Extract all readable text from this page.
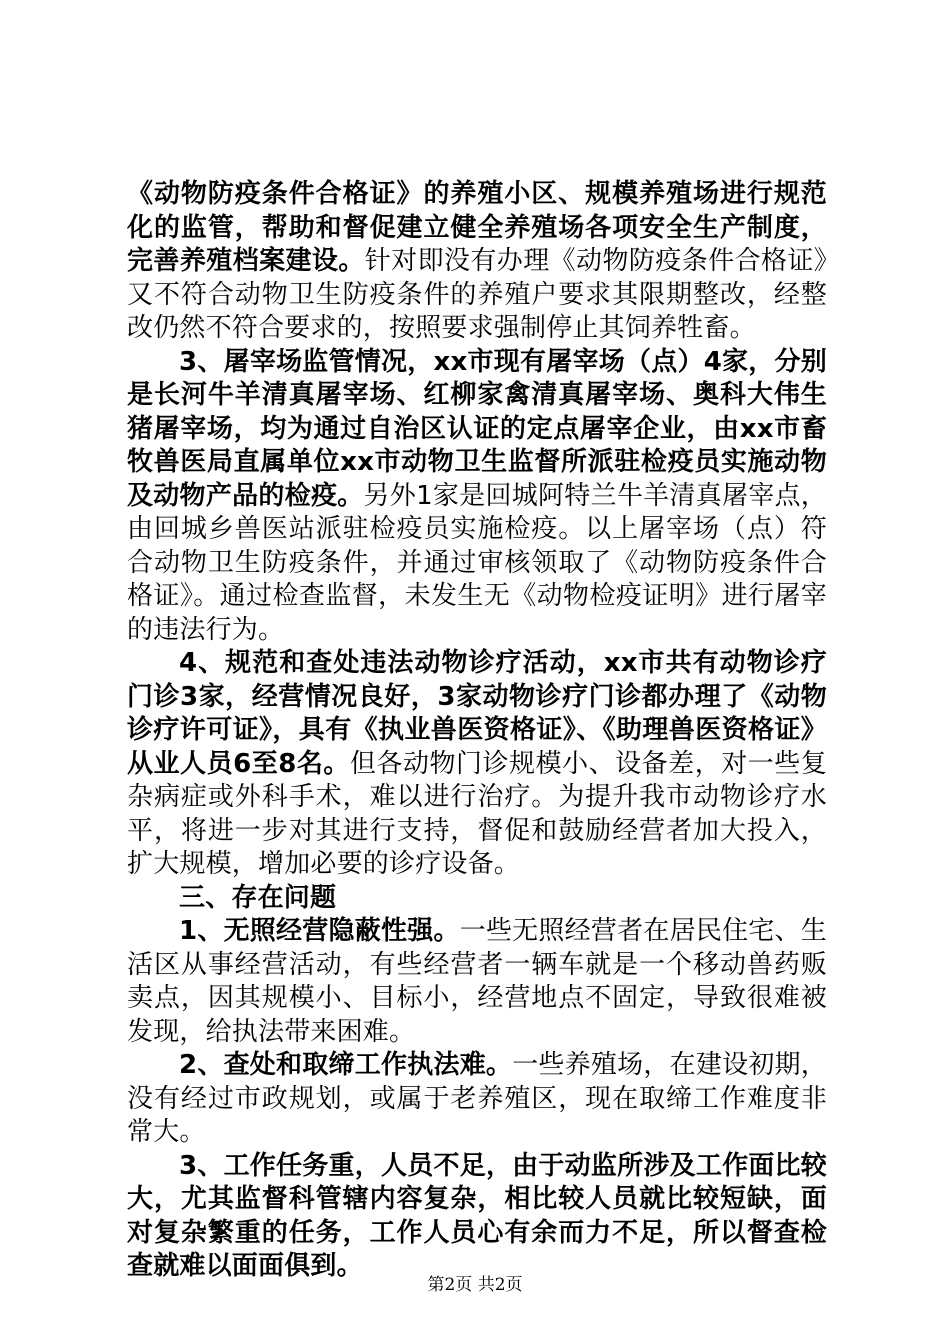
《动物防疫条件合格证》的养殖小区、规模养殖场进行规范化的监管，帮助和督促建立健全养殖场各项安全生产制度，完善养殖档案建设。针对即没有办理《动物防疫条件合格证》又不符合动物卫生防疫条件的养殖户要求其限期整改，经整改仍然不符合要求的，按照要求强制停止其饲养牲畜。

3、屠宰场监管情况，xx市现有屠宰场（点）4家，分别是长河牛羊清真屠宰场、红柳家禽清真屠宰场、奥科大伟生猪屠宰场，均为通过自治区认证的定点屠宰企业，由xx市畜牧兽医局直属单位xx市动物卫生监督所派驻检疫员实施动物及动物产品的检疫。另外1家是回城阿特兰牛羊清真屠宰点，由回城乡兽医站派驻检疫员实施检疫。以上屠宰场（点）符合动物卫生防疫条件，并通过审核领取了《动物防疫条件合格证》。通过检查监督，未发生无《动物检疫证明》进行屠宰的违法行为。

4、规范和查处违法动物诊疗活动，xx市共有动物诊疗门诊3家，经营情况良好，3家动物诊疗门诊都办理了《动物诊疗许可证》，具有《执业兽医资格证》、《助理兽医资格证》从业人员6至8名。但各动物门诊规模小、设备差，对一些复杂病症或外科手术，难以进行治疗。为提升我市动物诊疗水平，将进一步对其进行支持，督促和鼓励经营者加大投入，扩大规模，增加必要的诊疗设备。

三、存在问题

1、无照经营隐蔽性强。一些无照经营者在居民住宅、生活区从事经营活动，有些经营者一辆车就是一个移动兽药贩卖点，因其规模小、目标小，经营地点不固定，导致很难被发现，给执法带来困难。

2、查处和取缔工作执法难。一些养殖场，在建设初期，没有经过市政规划，或属于老养殖区，现在取缔工作难度非常大。

3、工作任务重，人员不足，由于动监所涉及工作面比较大，尤其监督科管辖内容复杂，相比较人员就比较短缺，面对复杂繁重的任务，工作人员心有余而力不足，所以督查检查就难以面面俱到。

第2页 共2页
